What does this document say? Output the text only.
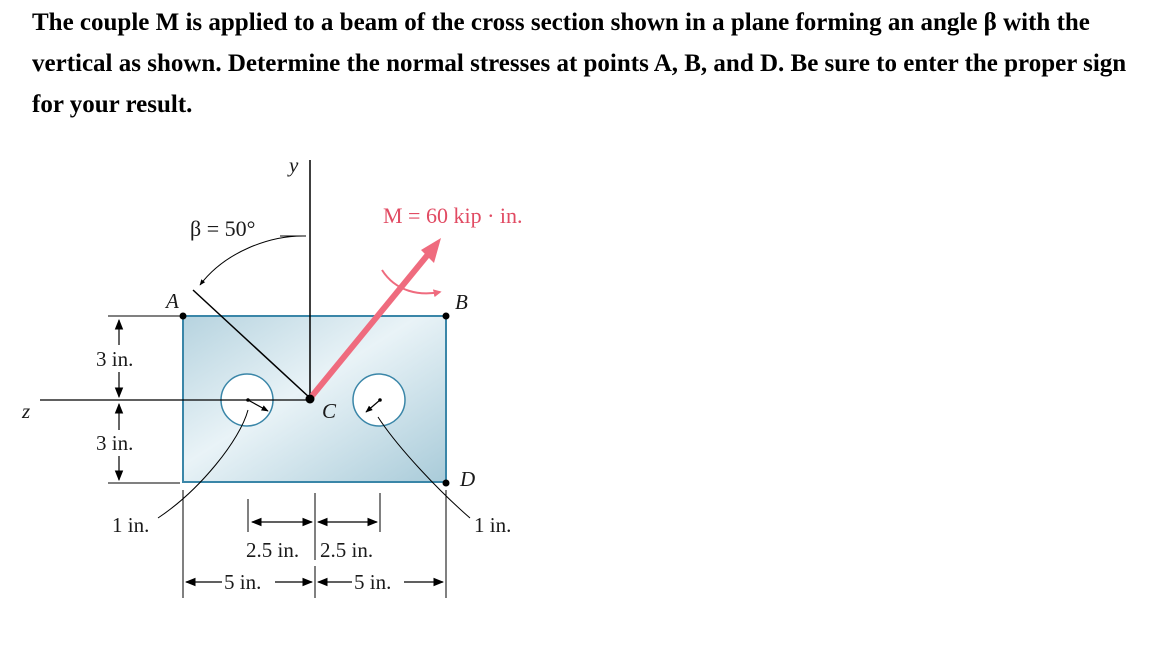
The couple M is applied to a beam of the cross section shown in a plane forming an angle β with the vertical as shown. Determine the normal stresses at points A, B, and D. Be sure to enter the proper sign for your result.
z
y
β = 50°
M = 60 kip · in.
C
A	B
D
3 in.
3 in.
1 in.	1 in.
2.5 in. 2.5 in.
5 in.	5 in.
